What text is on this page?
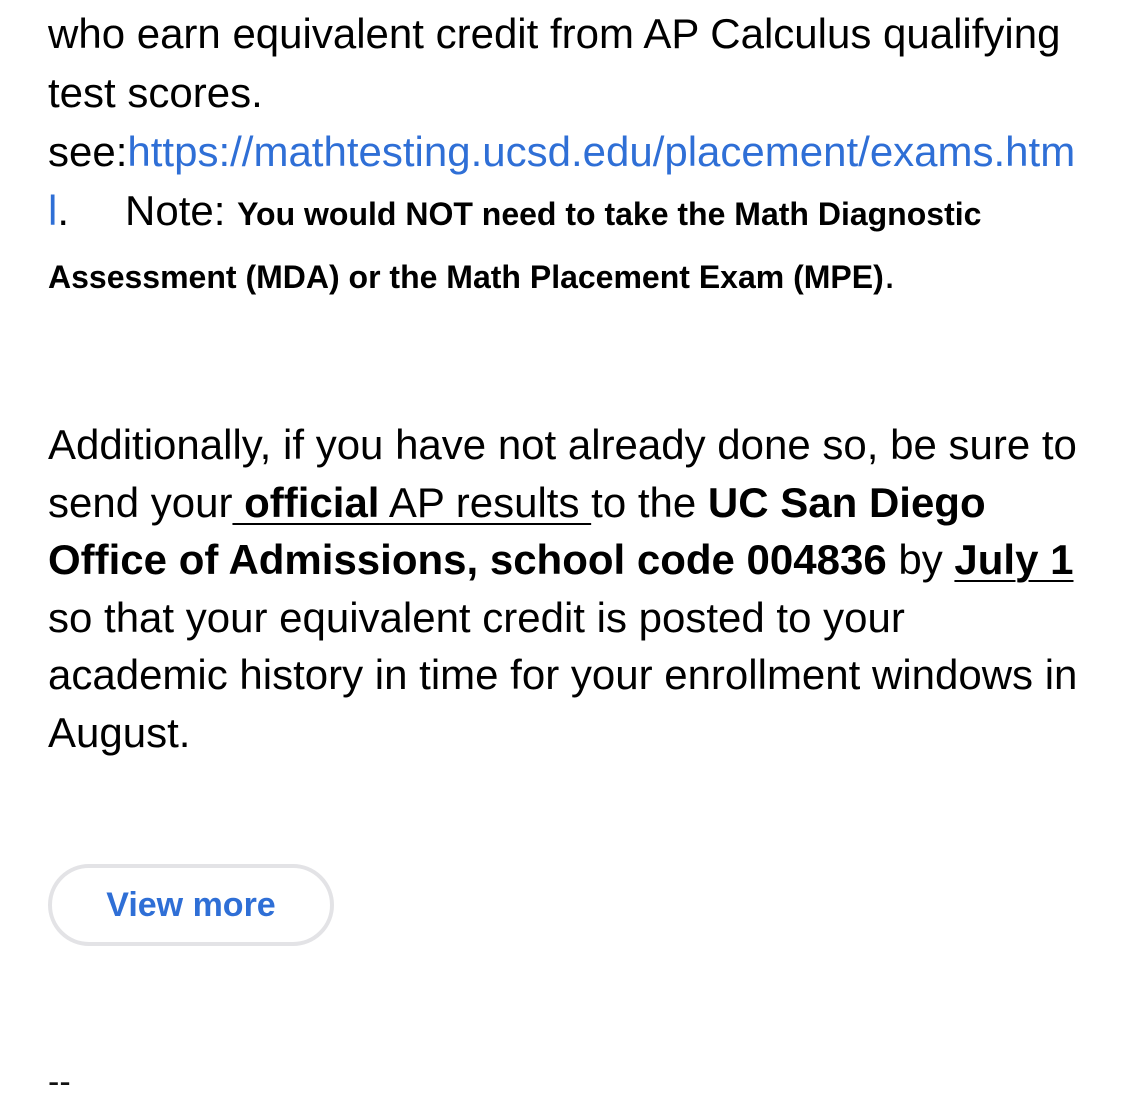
who earn equivalent credit from AP Calculus qualifying test scores.
see:https://mathtesting.ucsd.edu/placement/exams.html. Note: You would NOT need to take the Math Diagnostic Assessment (MDA) or the Math Placement Exam (MPE).

Additionally, if you have not already done so, be sure to send your official AP results to the UC San Diego Office of Admissions, school code 004836 by July 1 so that your equivalent credit is posted to your academic history in time for your enrollment windows in August.

View more
--
